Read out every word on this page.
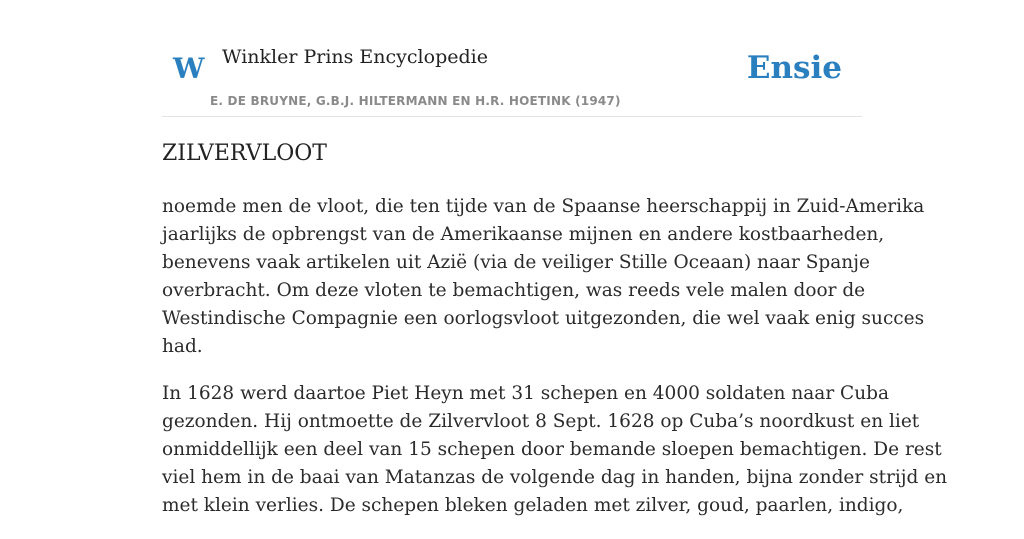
W Winkler Prins Encyclopedie
E. DE BRUYNE, G.B.J. HILTERMANN EN H.R. HOETINK (1947)
Ensie
ZILVERVLOOT

noemde men de vloot, die ten tijde van de Spaanse heerschappij in Zuid-Amerika
jaarlijks de opbrengst van de Amerikaanse mijnen en andere kostbaarheden,
benevens vaak artikelen uit Azië (via de veiliger Stille Oceaan) naar Spanje
overbracht. Om deze vloten te bemachtigen, was reeds vele malen door de
Westindische Compagnie een oorlogsvloot uitgezonden, die wel vaak enig succes
had.

In 1628 werd daartoe Piet Heyn met 31 schepen en 4000 soldaten naar Cuba
gezonden. Hij ontmoette de Zilvervloot 8 Sept. 1628 op Cuba’s noordkust en liet
onmiddellijk een deel van 15 schepen door bemande sloepen bemachtigen. De rest
viel hem in de baai van Matanzas de volgende dag in handen, bijna zonder strijd en
met klein verlies. De schepen bleken geladen met zilver, goud, paarlen, indigo,
